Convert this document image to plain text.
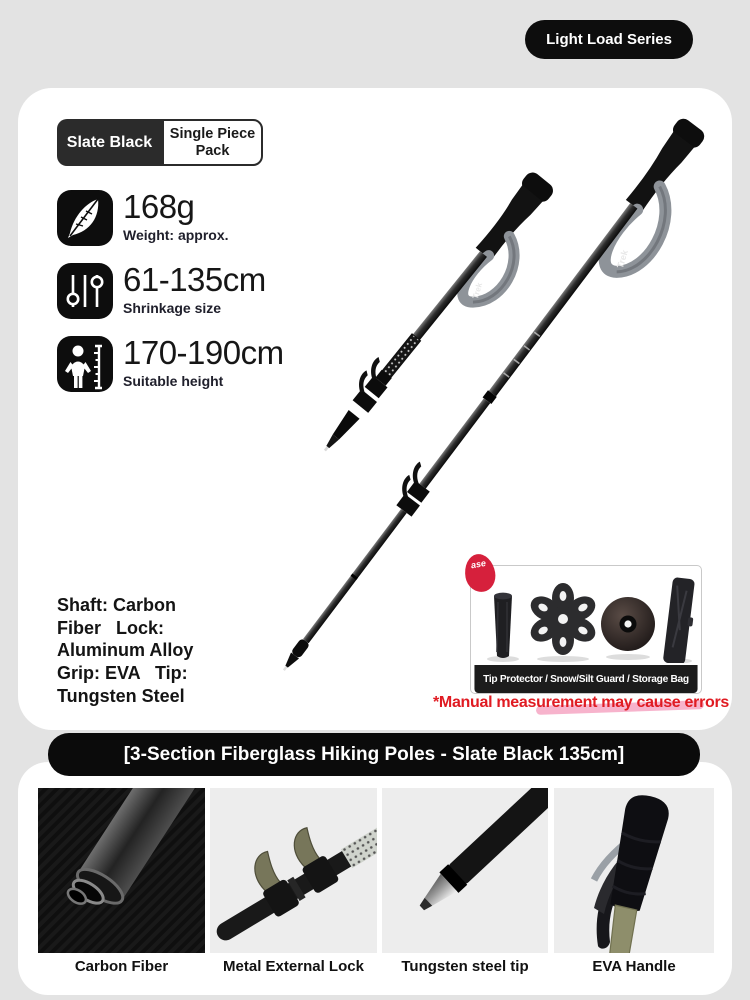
Light Load Series
Trek
Trek
Slate Black	Single Piece Pack
168g
Weight: approx.
61-135cm
Shrinkage size
170-190cm
Suitable height
Shaft: Carbon
Fiber   Lock:
Aluminum Alloy
Grip: EVA   Tip:
Tungsten Steel
ase
Tip Protector / Snow/Silt Guard / Storage Bag
*Manual measurement may cause errors
[3-Section Fiberglass Hiking Poles - Slate Black 135cm]
Carbon Fiber	Metal External Lock	Tungsten steel tip	EVA Handle
